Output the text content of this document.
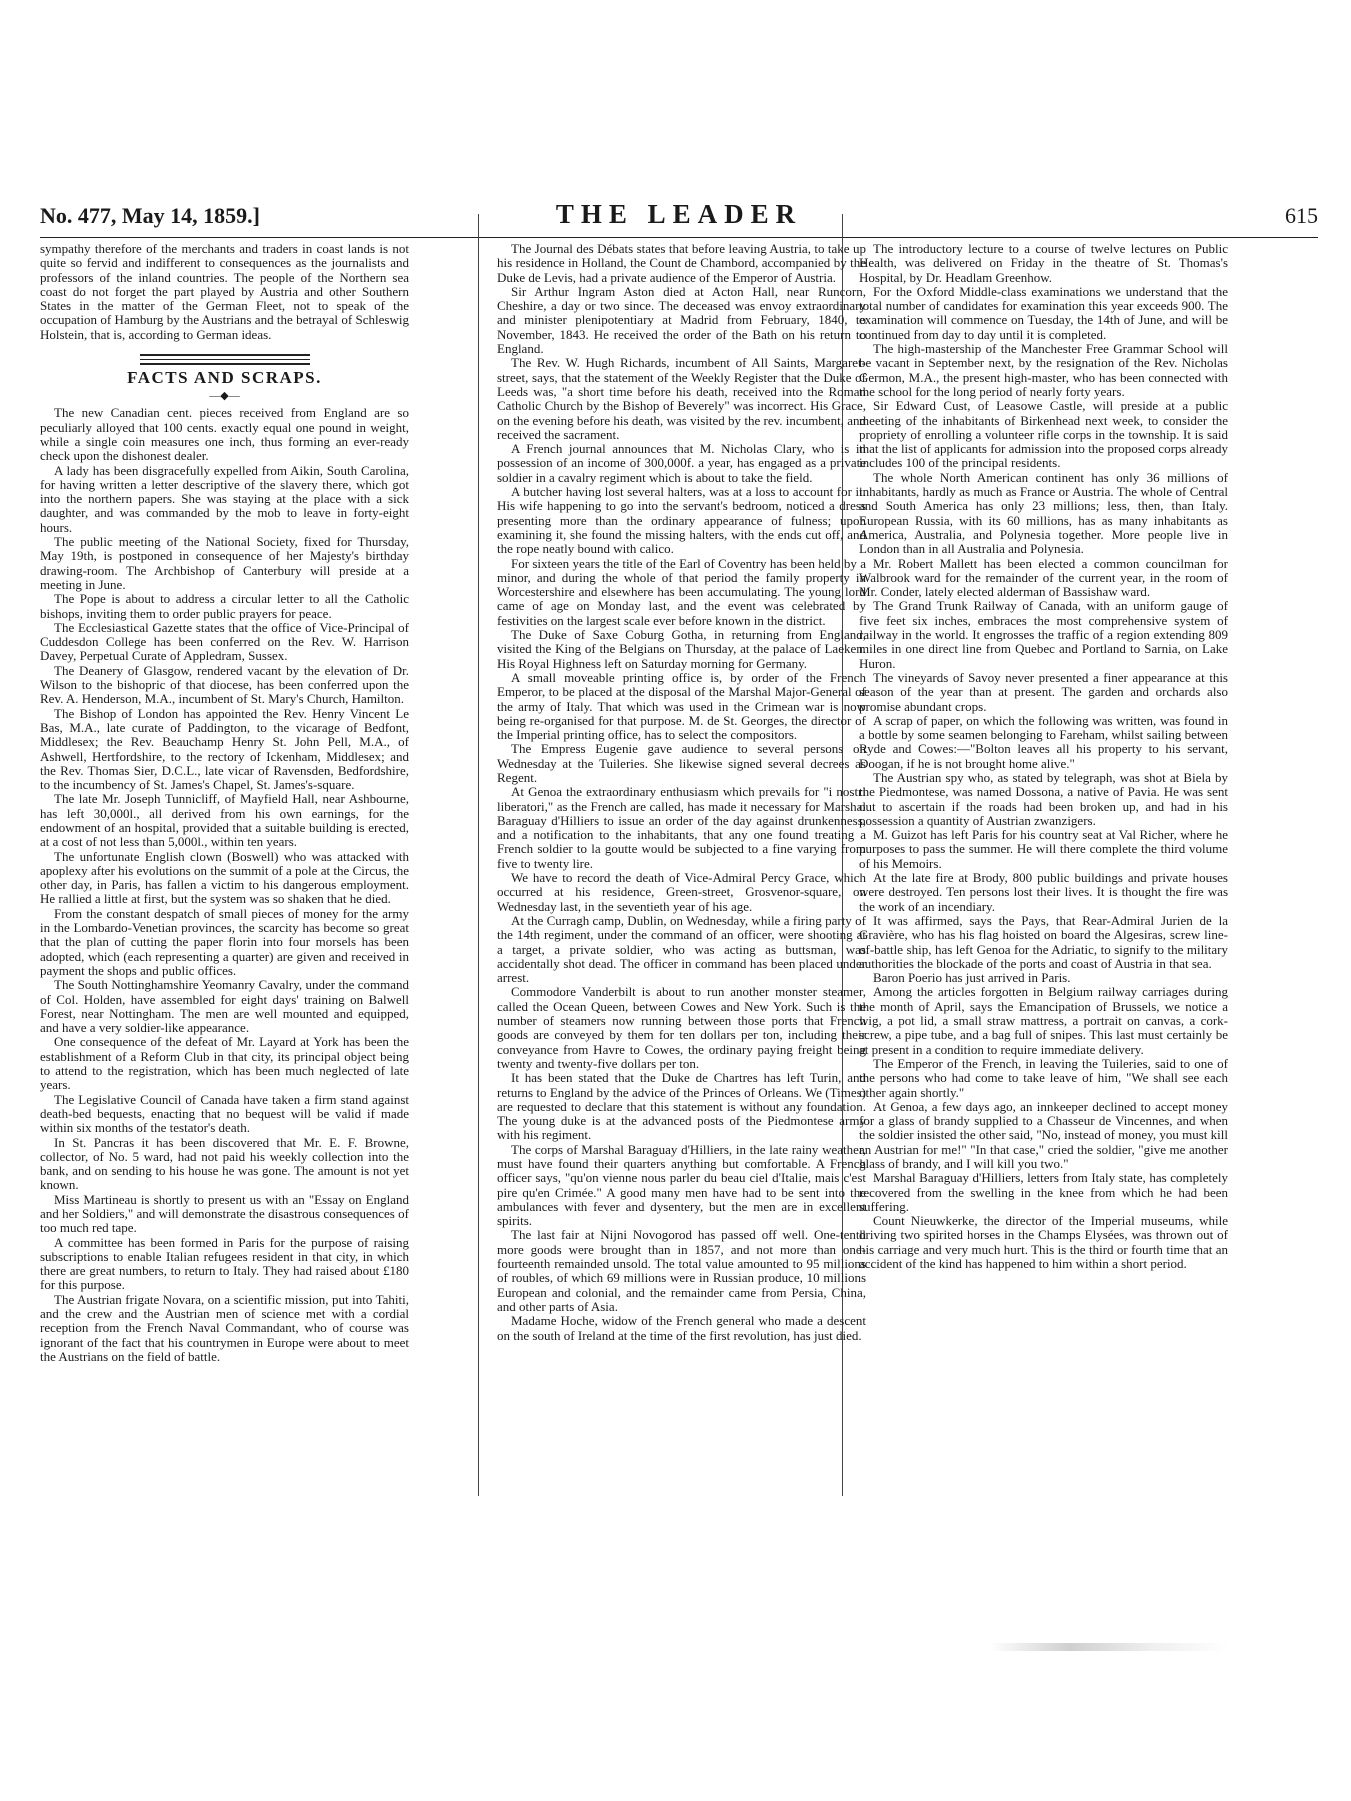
No. 477, May 14, 1859.]	THE LEADER	615

sympathy therefore of the merchants and traders in coast lands is not quite so fervid and indifferent to consequences as the journalists and professors of the inland countries. The people of the Northern sea coast do not forget the part played by Austria and other Southern States in the matter of the German Fleet, not to speak of the occupation of Hamburg by the Austrians and the betrayal of Schleswig Holstein, that is, according to German ideas.

FACTS AND SCRAPS.
―◆―

The new Canadian cent. pieces received from England are so peculiarly alloyed that 100 cents. exactly equal one pound in weight, while a single coin measures one inch, thus forming an ever-ready check upon the dishonest dealer.

A lady has been disgracefully expelled from Aikin, South Carolina, for having written a letter descriptive of the slavery there, which got into the northern papers. She was staying at the place with a sick daughter, and was commanded by the mob to leave in forty-eight hours.

The public meeting of the National Society, fixed for Thursday, May 19th, is postponed in consequence of her Majesty's birthday drawing-room. The Archbishop of Canterbury will preside at a meeting in June.

The Pope is about to address a circular letter to all the Catholic bishops, inviting them to order public prayers for peace.

The Ecclesiastical Gazette states that the office of Vice-Principal of Cuddesdon College has been conferred on the Rev. W. Harrison Davey, Perpetual Curate of Appledram, Sussex.

The Deanery of Glasgow, rendered vacant by the elevation of Dr. Wilson to the bishopric of that diocese, has been conferred upon the Rev. A. Henderson, M.A., incumbent of St. Mary's Church, Hamilton.

The Bishop of London has appointed the Rev. Henry Vincent Le Bas, M.A., late curate of Paddington, to the vicarage of Bedfont, Middlesex; the Rev. Beauchamp Henry St. John Pell, M.A., of Ashwell, Hertfordshire, to the rectory of Ickenham, Middlesex; and the Rev. Thomas Sier, D.C.L., late vicar of Ravensden, Bedfordshire, to the incumbency of St. James's Chapel, St. James's-square.

The late Mr. Joseph Tunnicliff, of Mayfield Hall, near Ashbourne, has left 30,000l., all derived from his own earnings, for the endowment of an hospital, provided that a suitable building is erected, at a cost of not less than 5,000l., within ten years.

The unfortunate English clown (Boswell) who was attacked with apoplexy after his evolutions on the summit of a pole at the Circus, the other day, in Paris, has fallen a victim to his dangerous employment. He rallied a little at first, but the system was so shaken that he died.

From the constant despatch of small pieces of money for the army in the Lombardo-Venetian provinces, the scarcity has become so great that the plan of cutting the paper florin into four morsels has been adopted, which (each representing a quarter) are given and received in payment the shops and public offices.

The South Nottinghamshire Yeomanry Cavalry, under the command of Col. Holden, have assembled for eight days' training on Balwell Forest, near Nottingham. The men are well mounted and equipped, and have a very soldier-like appearance.

One consequence of the defeat of Mr. Layard at York has been the establishment of a Reform Club in that city, its principal object being to attend to the registration, which has been much neglected of late years.

The Legislative Council of Canada have taken a firm stand against death-bed bequests, enacting that no bequest will be valid if made within six months of the testator's death.

In St. Pancras it has been discovered that Mr. E. F. Browne, collector, of No. 5 ward, had not paid his weekly collection into the bank, and on sending to his house he was gone. The amount is not yet known.

Miss Martineau is shortly to present us with an "Essay on England and her Soldiers," and will demonstrate the disastrous consequences of too much red tape.

A committee has been formed in Paris for the purpose of raising subscriptions to enable Italian refugees resident in that city, in which there are great numbers, to return to Italy. They had raised about £180 for this purpose.

The Austrian frigate Novara, on a scientific mission, put into Tahiti, and the crew and the Austrian men of science met with a cordial reception from the French Naval Commandant, who of course was ignorant of the fact that his countrymen in Europe were about to meet the Austrians on the field of battle.

The Journal des Débats states that before leaving Austria, to take up his residence in Holland, the Count de Chambord, accompanied by the Duke de Levis, had a private audience of the Emperor of Austria.

Sir Arthur Ingram Aston died at Acton Hall, near Runcorn, Cheshire, a day or two since. The deceased was envoy extraordinary and minister plenipotentiary at Madrid from February, 1840, to November, 1843. He received the order of the Bath on his return to England.

The Rev. W. Hugh Richards, incumbent of All Saints, Margaret-street, says, that the statement of the Weekly Register that the Duke of Leeds was, "a short time before his death, received into the Roman Catholic Church by the Bishop of Beverely" was incorrect. His Grace, on the evening before his death, was visited by the rev. incumbent, and received the sacrament.

A French journal announces that M. Nicholas Clary, who is in possession of an income of 300,000f. a year, has engaged as a private soldier in a cavalry regiment which is about to take the field.

A butcher having lost several halters, was at a loss to account for it. His wife happening to go into the servant's bedroom, noticed a dress presenting more than the ordinary appearance of fulness; upon examining it, she found the missing halters, with the ends cut off, and the rope neatly bound with calico.

For sixteen years the title of the Earl of Coventry has been held by a minor, and during the whole of that period the family property in Worcestershire and elsewhere has been accumulating. The young lord came of age on Monday last, and the event was celebrated by festivities on the largest scale ever before known in the district.

The Duke of Saxe Coburg Gotha, in returning from England, visited the King of the Belgians on Thursday, at the palace of Laeken. His Royal Highness left on Saturday morning for Germany.

A small moveable printing office is, by order of the French Emperor, to be placed at the disposal of the Marshal Major-General of the army of Italy. That which was used in the Crimean war is now being re-organised for that purpose. M. de St. Georges, the director of the Imperial printing office, has to select the compositors.

The Empress Eugenie gave audience to several persons on Wednesday at the Tuileries. She likewise signed several decrees as Regent.

At Genoa the extraordinary enthusiasm which prevails for "i nostri liberatori," as the French are called, has made it necessary for Marshal Baraguay d'Hilliers to issue an order of the day against drunkenness, and a notification to the inhabitants, that any one found treating a French soldier to la goutte would be subjected to a fine varying from five to twenty lire.

We have to record the death of Vice-Admiral Percy Grace, which occurred at his residence, Green-street, Grosvenor-square, on Wednesday last, in the seventieth year of his age.

At the Curragh camp, Dublin, on Wednesday, while a firing party of the 14th regiment, under the command of an officer, were shooting at a target, a private soldier, who was acting as buttsman, was accidentally shot dead. The officer in command has been placed under arrest.

Commodore Vanderbilt is about to run another monster steamer, called the Ocean Queen, between Cowes and New York. Such is the number of steamers now running between those ports that French goods are conveyed by them for ten dollars per ton, including their conveyance from Havre to Cowes, the ordinary paying freight being twenty and twenty-five dollars per ton.

It has been stated that the Duke de Chartres has left Turin, and returns to England by the advice of the Princes of Orleans. We (Times) are requested to declare that this statement is without any foundation. The young duke is at the advanced posts of the Piedmontese army with his regiment.

The corps of Marshal Baraguay d'Hilliers, in the late rainy weather, must have found their quarters anything but comfortable. A French officer says, "qu'on vienne nous parler du beau ciel d'Italie, mais c'est pire qu'en Crimée." A good many men have had to be sent into the ambulances with fever and dysentery, but the men are in excellent spirits.

The last fair at Nijni Novogorod has passed off well. One-tenth more goods were brought than in 1857, and not more than one-fourteenth remainded unsold. The total value amounted to 95 millions of roubles, of which 69 millions were in Russian produce, 10 millions European and colonial, and the remainder came from Persia, China, and other parts of Asia.

Madame Hoche, widow of the French general who made a descent on the south of Ireland at the time of the first revolution, has just died.

The introductory lecture to a course of twelve lectures on Public Health, was delivered on Friday in the theatre of St. Thomas's Hospital, by Dr. Headlam Greenhow.

For the Oxford Middle-class examinations we understand that the total number of candidates for examination this year exceeds 900. The examination will commence on Tuesday, the 14th of June, and will be continued from day to day until it is completed.

The high-mastership of the Manchester Free Grammar School will be vacant in September next, by the resignation of the Rev. Nicholas Germon, M.A., the present high-master, who has been connected with the school for the long period of nearly forty years.

Sir Edward Cust, of Leasowe Castle, will preside at a public meeting of the inhabitants of Birkenhead next week, to consider the propriety of enrolling a volunteer rifle corps in the township. It is said that the list of applicants for admission into the proposed corps already includes 100 of the principal residents.

The whole North American continent has only 36 millions of inhabitants, hardly as much as France or Austria. The whole of Central and South America has only 23 millions; less, then, than Italy. European Russia, with its 60 millions, has as many inhabitants as America, Australia, and Polynesia together. More people live in London than in all Australia and Polynesia.

Mr. Robert Mallett has been elected a common councilman for Walbrook ward for the remainder of the current year, in the room of Mr. Conder, lately elected alderman of Bassishaw ward.

The Grand Trunk Railway of Canada, with an uniform gauge of five feet six inches, embraces the most comprehensive system of railway in the world. It engrosses the traffic of a region extending 809 miles in one direct line from Quebec and Portland to Sarnia, on Lake Huron.

The vineyards of Savoy never presented a finer appearance at this season of the year than at present. The garden and orchards also promise abundant crops.

A scrap of paper, on which the following was written, was found in a bottle by some seamen belonging to Fareham, whilst sailing between Ryde and Cowes:—"Bolton leaves all his property to his servant, Doogan, if he is not brought home alive."

The Austrian spy who, as stated by telegraph, was shot at Biela by the Piedmontese, was named Dossona, a native of Pavia. He was sent out to ascertain if the roads had been broken up, and had in his possession a quantity of Austrian zwanzigers.

M. Guizot has left Paris for his country seat at Val Richer, where he purposes to pass the summer. He will there complete the third volume of his Memoirs.

At the late fire at Brody, 800 public buildings and private houses were destroyed. Ten persons lost their lives. It is thought the fire was the work of an incendiary.

It was affirmed, says the Pays, that Rear-Admiral Jurien de la Gravière, who has his flag hoisted on board the Algesiras, screw line-of-battle ship, has left Genoa for the Adriatic, to signify to the military authorities the blockade of the ports and coast of Austria in that sea.

Baron Poerio has just arrived in Paris.

Among the articles forgotten in Belgium railway carriages during the month of April, says the Emancipation of Brussels, we notice a wig, a pot lid, a small straw mattress, a portrait on canvas, a cork-screw, a pipe tube, and a bag full of snipes. This last must certainly be at present in a condition to require immediate delivery.

The Emperor of the French, in leaving the Tuileries, said to one of the persons who had come to take leave of him, "We shall see each other again shortly."

At Genoa, a few days ago, an innkeeper declined to accept money for a glass of brandy supplied to a Chasseur de Vincennes, and when the soldier insisted the other said, "No, instead of money, you must kill an Austrian for me!" "In that case," cried the soldier, "give me another glass of brandy, and I will kill you two."

Marshal Baraguay d'Hilliers, letters from Italy state, has completely recovered from the swelling in the knee from which he had been suffering.

Count Nieuwkerke, the director of the Imperial museums, while driving two spirited horses in the Champs Elysées, was thrown out of his carriage and very much hurt. This is the third or fourth time that an accident of the kind has happened to him within a short period.
